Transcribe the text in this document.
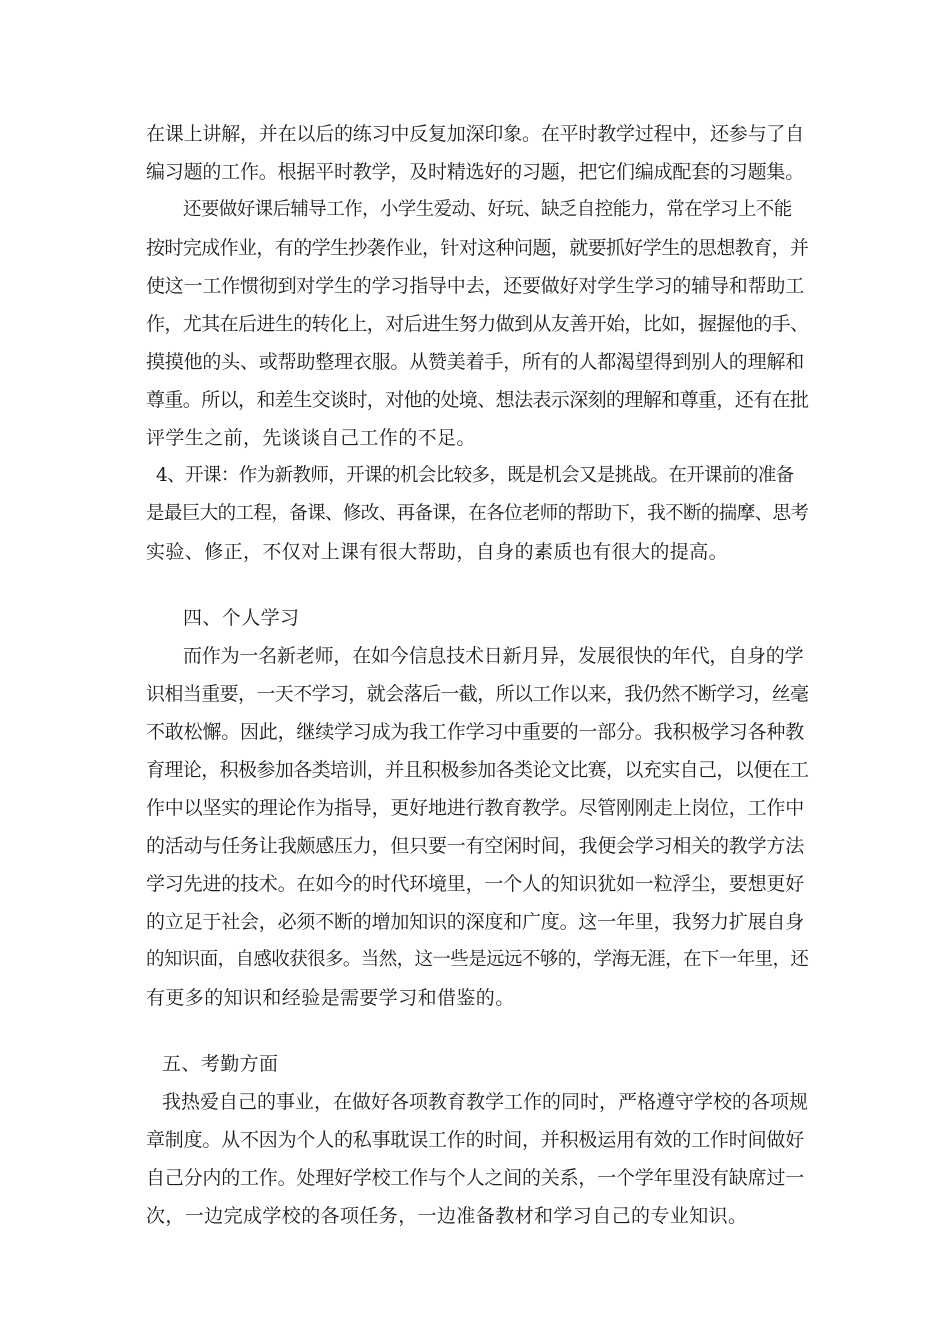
在课上讲解，并在以后的练习中反复加深印象。在平时教学过程中，还参与了自
编习题的工作。根据平时教学，及时精选好的习题，把它们编成配套的习题集。
还要做好课后辅导工作，小学生爱动、好玩、缺乏自控能力，常在学习上不能
按时完成作业，有的学生抄袭作业，针对这种问题，就要抓好学生的思想教育，并
使这一工作惯彻到对学生的学习指导中去，还要做好对学生学习的辅导和帮助工
作，尤其在后进生的转化上，对后进生努力做到从友善开始，比如，握握他的手、
摸摸他的头、或帮助整理衣服。从赞美着手，所有的人都渴望得到别人的理解和
尊重。所以，和差生交谈时，对他的处境、想法表示深刻的理解和尊重，还有在批
评学生之前，先谈谈自己工作的不足。
4、开课：作为新教师，开课的机会比较多，既是机会又是挑战。在开课前的准备
是最巨大的工程，备课、修改、再备课，在各位老师的帮助下，我不断的揣摩、思考
实验、修正，不仅对上课有很大帮助，自身的素质也有很大的提高。
四、个人学习
而作为一名新老师，在如今信息技术日新月异，发展很快的年代，自身的学
识相当重要，一天不学习，就会落后一截，所以工作以来，我仍然不断学习，丝毫
不敢松懈。因此，继续学习成为我工作学习中重要的一部分。我积极学习各种教
育理论，积极参加各类培训，并且积极参加各类论文比赛，以充实自己，以便在工
作中以坚实的理论作为指导，更好地进行教育教学。尽管刚刚走上岗位，工作中
的活动与任务让我颇感压力，但只要一有空闲时间，我便会学习相关的教学方法
学习先进的技术。在如今的时代环境里，一个人的知识犹如一粒浮尘，要想更好
的立足于社会，必须不断的增加知识的深度和广度。这一年里，我努力扩展自身
的知识面，自感收获很多。当然，这一些是远远不够的，学海无涯，在下一年里，还
有更多的知识和经验是需要学习和借鉴的。
五、考勤方面
我热爱自己的事业，在做好各项教育教学工作的同时，严格遵守学校的各项规
章制度。从不因为个人的私事耽误工作的时间，并积极运用有效的工作时间做好
自己分内的工作。处理好学校工作与个人之间的关系，一个学年里没有缺席过一
次，一边完成学校的各项任务，一边准备教材和学习自己的专业知识。
